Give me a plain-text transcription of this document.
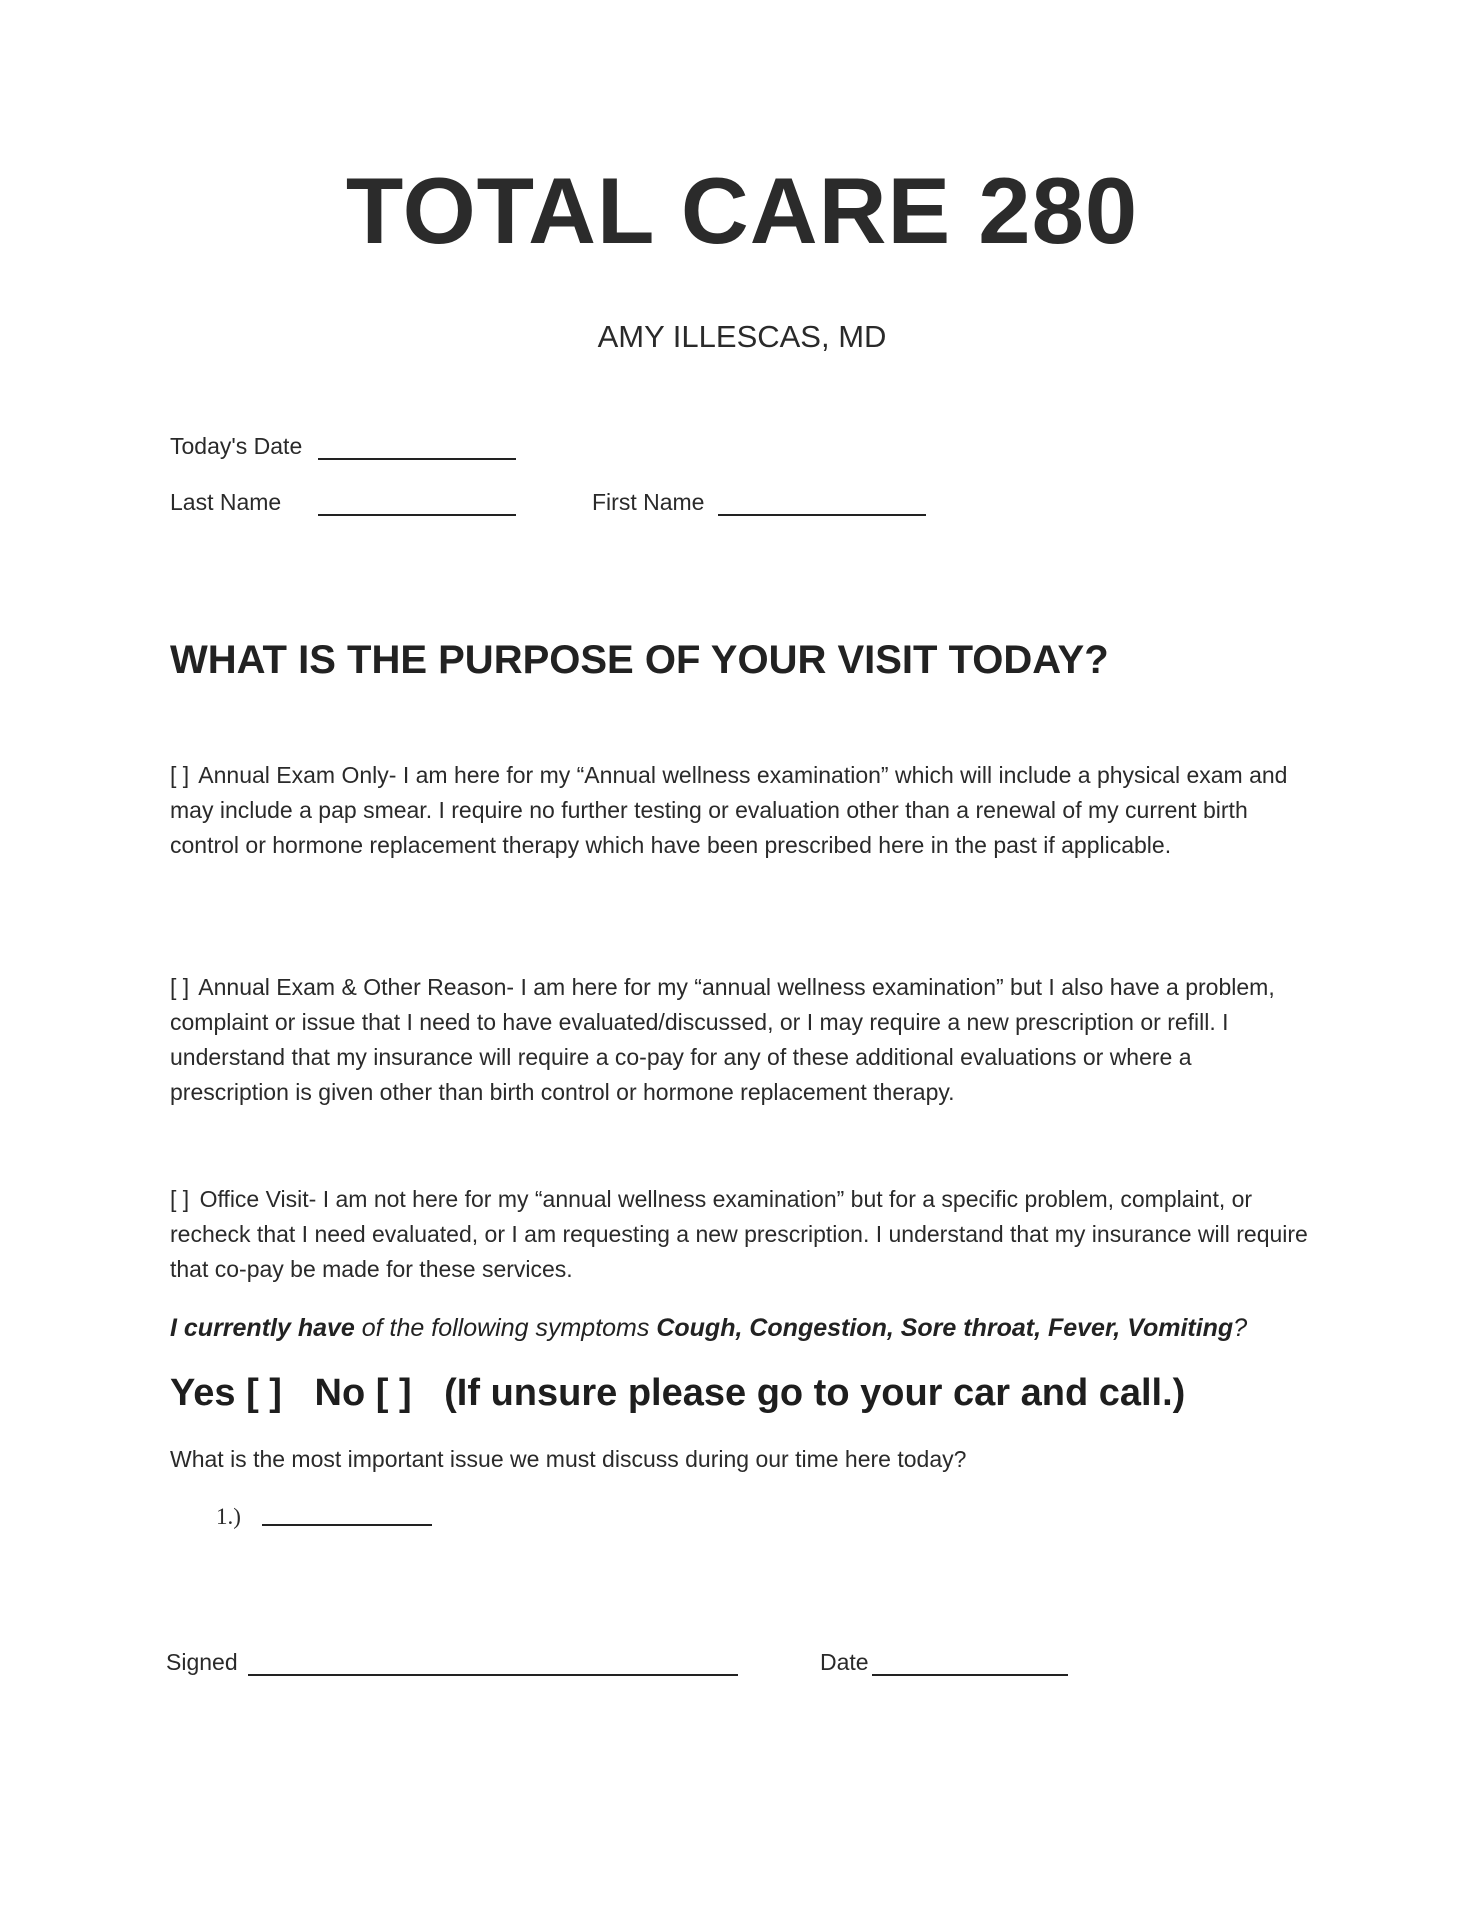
TOTAL CARE 280
AMY ILLESCAS, MD
Today's Date
Last Name	First Name
WHAT IS THE PURPOSE OF YOUR VISIT TODAY?

[ ] Annual Exam Only- I am here for my “Annual wellness examination” which will include a physical exam and may include a pap smear. I require no further testing or evaluation other than a renewal of my current birth control or hormone replacement therapy which have been prescribed here in the past if applicable.

[ ] Annual Exam & Other Reason- I am here for my “annual wellness examination” but I also have a problem, complaint or issue that I need to have evaluated/discussed, or I may require a new prescription or refill. I understand that my insurance will require a co-pay for any of these additional evaluations or where a prescription is given other than birth control or hormone replacement therapy.

[ ] Office Visit- I am not here for my “annual wellness examination” but for a specific problem, complaint, or recheck that I need evaluated, or I am requesting a new prescription. I understand that my insurance will require that co-pay be made for these services.

I currently have of the following symptoms Cough, Congestion, Sore throat, Fever, Vomiting?
Yes [ ] No [ ] (If unsure please go to your car and call.)
What is the most important issue we must discuss during our time here today?
1.)
Signed	Date
